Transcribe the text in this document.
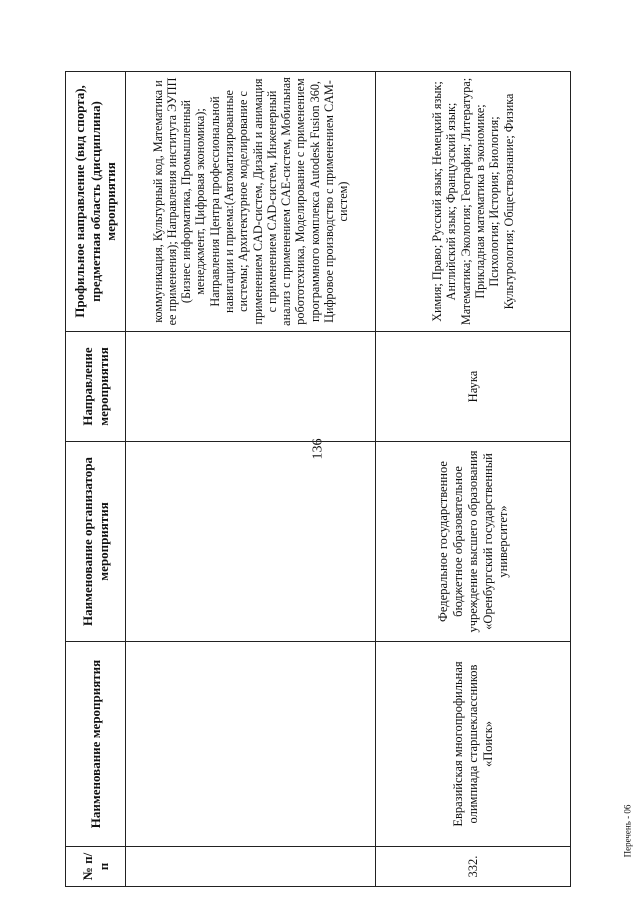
136
№ п/п	Наименование мероприятия	Наименование организатора мероприятия	Направление мероприятия	Профильное направление (вид спорта), предметная область (дисциплина) мероприятия
				коммуникация, Культурный код, Математика и ее применения); Направления института ЭУПП (Бизнес информатика, Промышленный менеджмент, Цифровая экономика); Направления Центра профессиональной навигации и приема:(Автоматизированные системы; Архитектурное моделирование с применением CAD-систем, Дизайн и анимация с применением CAD-систем, Инженерный анализ с применением CAE-систем, Мобильная робототехника, Моделирование с применением программного комплекса Autodesk Fusion 360, Цифровое производство с применением CAM-систем)
332.	Евразийская многопрофильная олимпиада старшеклассников «Поиск»	Федеральное государственное бюджетное образовательное учреждение высшего образования «Оренбургский государственный университет»	Наука	Химия; Право; Русский язык; Немецкий язык; Английский язык; Французский язык; Математика; Экология; География; Литература; Прикладная математика в экономике; Психология; История; Биология; Культурология; Обществознание; Физика
Перечень - 06
